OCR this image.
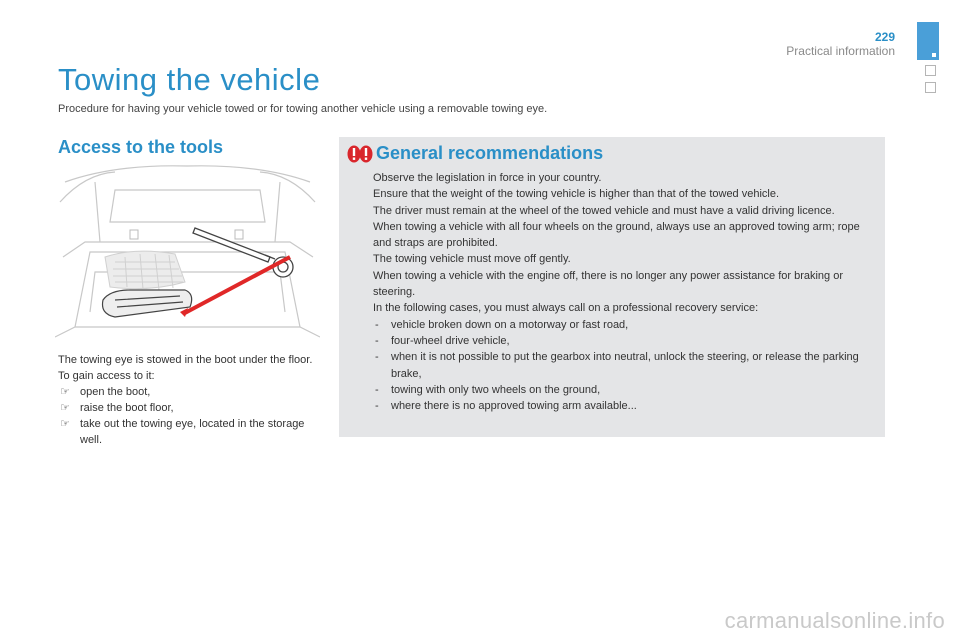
229
Practical information
Towing the vehicle

Procedure for having your vehicle towed or for towing another vehicle using a removable towing eye.

Access to the tools

The towing eye is stowed in the boot under the floor.

To gain access to it:

☞ open the boot,
☞ raise the boot floor,
☞ take out the towing eye, located in the storage well.
General recommendations

Observe the legislation in force in your country.

Ensure that the weight of the towing vehicle is higher than that of the towed vehicle.

The driver must remain at the wheel of the towed vehicle and must have a valid driving licence.

When towing a vehicle with all four wheels on the ground, always use an approved towing arm; rope and straps are prohibited.

The towing vehicle must move off gently.

When towing a vehicle with the engine off, there is no longer any power assistance for braking or steering.

In the following cases, you must always call on a professional recovery service:

- vehicle broken down on a motorway or fast road,
- four-wheel drive vehicle,
- when it is not possible to put the gearbox into neutral, unlock the steering, or release the parking brake,
- towing with only two wheels on the ground,
- where there is no approved towing arm available...
carmanualsonline.info
